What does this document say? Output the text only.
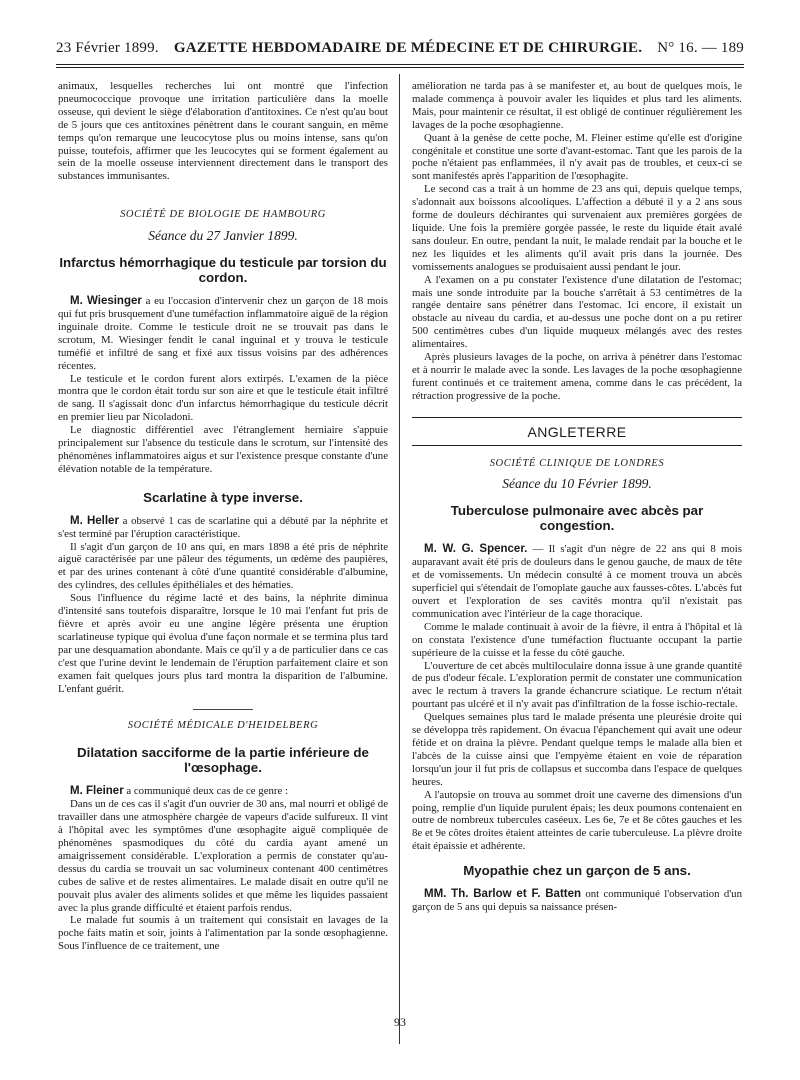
23 Février 1899. GAZETTE HEBDOMADAIRE DE MÉDECINE ET DE CHIRURGIE. N° 16. — 189

animaux, lesquelles recherches lui ont montré que l'infection pneumococcique provoque une irritation particulière dans la moelle osseuse, qui devient le siège d'élaboration d'antitoxines. Ce n'est qu'au bout de 5 jours que ces antitoxines pénètrent dans le courant sanguin, en même temps qu'on remarque une leucocytose plus ou moins intense, sans qu'on puisse, toutefois, affirmer que les leucocytes qui se forment également au sein de la moelle osseuse interviennent directement dans le transport des substances immunisantes.

SOCIÉTÉ DE BIOLOGIE DE HAMBOURG
Séance du 27 Janvier 1899.
Infarctus hémorrhagique du testicule par torsion du cordon.

M. Wiesinger a eu l'occasion d'intervenir chez un garçon de 18 mois qui fut pris brusquement d'une tuméfaction inflammatoire aiguë de la région inguinale droite. Comme le testicule droit ne se trouvait pas dans le scrotum, M. Wiesinger fendit le canal inguinal et y trouva le testicule tuméfié et infiltré de sang et fixé aux tissus voisins par des adhérences récentes.

Le testicule et le cordon furent alors extirpés. L'examen de la pièce montra que le cordon était tordu sur son aire et que le testicule était infiltré de sang. Il s'agissait donc d'un infarctus hémorrhagique du testicule décrit en premier lieu par Nicoladoni.

Le diagnostic différentiel avec l'étranglement herniaire s'appuie principalement sur l'absence du testicule dans le scrotum, sur l'intensité des phénomènes inflammatoires aigus et sur l'existence presque constante d'une élévation notable de la température.

Scarlatine à type inverse.

M. Heller a observé 1 cas de scarlatine qui a débuté par la néphrite et s'est terminé par l'éruption caractéristique.

Il s'agit d'un garçon de 10 ans qui, en mars 1898 a été pris de néphrite aiguë caractérisée par une pâleur des téguments, un œdème des paupières, et par des urines contenant à côté d'une quantité considérable d'albumine, des cylindres, des cellules épithéliales et des hématies.

Sous l'influence du régime lacté et des bains, la néphrite diminua d'intensité sans toutefois disparaître, lorsque le 10 mai l'enfant fut pris de fièvre et après avoir eu une angine légère présenta une éruption scarlatineuse typique qui évolua d'une façon normale et se termina plus tard par une desquamation abondante. Mais ce qu'il y a de particulier dans ce cas c'est que l'urine devint le lendemain de l'éruption parfaitement claire et son examen fait quelques jours plus tard montra la disparition de l'albumine. L'enfant guérit.

SOCIÉTÉ MÉDICALE D'HEIDELBERG
Dilatation sacciforme de la partie inférieure de l'œsophage.

M. Fleiner a communiqué deux cas de ce genre :

Dans un de ces cas il s'agit d'un ouvrier de 30 ans, mal nourri et obligé de travailler dans une atmosphère chargée de vapeurs d'acide sulfureux. Il vint à l'hôpital avec les symptômes d'une œsophagite aiguë compliquée de phénomènes spasmodiques du côté du cardia ayant amené un amaigrissement considérable. L'exploration a permis de constater qu'au-dessus du cardia se trouvait un sac volumineux contenant 400 centimètres cubes de salive et de restes alimentaires. Le malade disait en outre qu'il ne pouvait plus avaler des aliments solides et que même les liquides passaient avec la plus grande difficulté et étaient parfois rendus.

Le malade fut soumis à un traitement qui consistait en lavages de la poche faits matin et soir, joints à l'alimentation par la sonde œsophagienne. Sous l'influence de ce traitement, une

amélioration ne tarda pas à se manifester et, au bout de quelques mois, le malade commença à pouvoir avaler les liquides et plus tard les aliments. Mais, pour maintenir ce résultat, il est obligé de continuer régulièrement les lavages de la poche œsophagienne.

Quant à la genèse de cette poche, M. Fleiner estime qu'elle est d'origine congénitale et constitue une sorte d'avant-estomac. Tant que les parois de la poche n'étaient pas enflammées, il n'y avait pas de troubles, et ceux-ci se sont manifestés après l'apparition de l'œsophagite.

Le second cas a trait à un homme de 23 ans qui, depuis quelque temps, s'adonnait aux boissons alcooliques. L'affection a débuté il y a 2 ans sous forme de douleurs déchirantes qui survenaient aux premières gorgées de liquide. Une fois la première gorgée passée, le reste du liquide était avalé sans douleur. En outre, pendant la nuit, le malade rendait par la bouche et le nez les liquides et les aliments qu'il avait pris dans la journée. Des vomissements analogues se produisaient aussi pendant le jour.

A l'examen on a pu constater l'existence d'une dilatation de l'estomac; mais une sonde introduite par la bouche s'arrêtait à 53 centimètres de la rangée dentaire sans pénétrer dans l'estomac. Ici encore, il existait un obstacle au niveau du cardia, et au-dessus une poche dont on a pu retirer 500 centimètres cubes d'un liquide muqueux mélangés avec des restes alimentaires.

Après plusieurs lavages de la poche, on arriva à pénétrer dans l'estomac et à nourrir le malade avec la sonde. Les lavages de la poche œsophagienne furent continués et ce traitement amena, comme dans le cas précédent, la rétraction progressive de la poche.

ANGLETERRE
SOCIÉTÉ CLINIQUE DE LONDRES
Séance du 10 Février 1899.
Tuberculose pulmonaire avec abcès par congestion.

M. W. G. Spencer. — Il s'agit d'un nègre de 22 ans qui 8 mois auparavant avait été pris de douleurs dans le genou gauche, de maux de tête et de vomissements. Un médecin consulté à ce moment trouva un abcès superficiel qui s'étendait de l'omoplate gauche aux fausses-côtes. L'abcès fut ouvert et l'exploration de ses cavités montra qu'il n'existait pas communication avec l'intérieur de la cage thoracique.

Comme le malade continuait à avoir de la fièvre, il entra à l'hôpital et là on constata l'existence d'une tuméfaction fluctuante occupant la partie supérieure de la cuisse et la fesse du côté gauche.

L'ouverture de cet abcès multiloculaire donna issue à une grande quantité de pus d'odeur fécale. L'exploration permit de constater une communication avec le rectum à travers la grande échancrure sciatique. Le rectum n'était pourtant pas ulcéré et il n'y avait pas d'infiltration de la fosse ischio-rectale.

Quelques semaines plus tard le malade présenta une pleurésie droite qui se développa très rapidement. On évacua l'épanchement qui avait une odeur fétide et on draina la plèvre. Pendant quelque temps le malade alla bien et l'abcès de la cuisse ainsi que l'empyème étaient en voie de réparation lorsqu'un jour il fut pris de collapsus et succomba dans l'espace de quelques heures.

A l'autopsie on trouva au sommet droit une caverne des dimensions d'un poing, remplie d'un liquide purulent épais; les deux poumons contenaient en outre de nombreux tubercules caséeux. Les 6e, 7e et 8e côtes gauches et les 8e et 9e côtes droites étaient atteintes de carie tuberculeuse. La plèvre droite était épaissie et adhérente.

Myopathie chez un garçon de 5 ans.

MM. Th. Barlow et F. Batten ont communiqué l'observation d'un garçon de 5 ans qui depuis sa naissance présen-

93
